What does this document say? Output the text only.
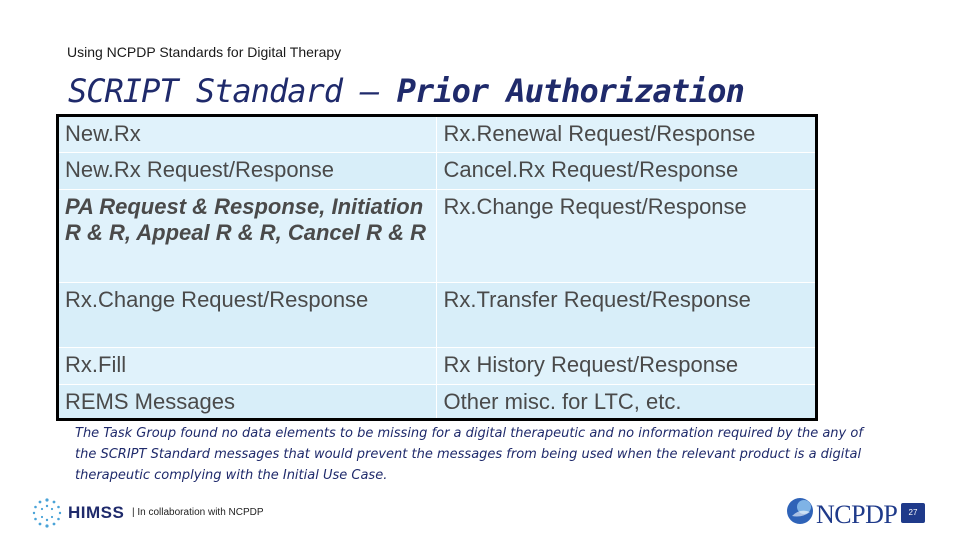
Using NCPDP Standards for Digital Therapy
SCRIPT Standard – Prior Authorization
New.Rx	Rx.Renewal Request/Response
New.Rx Request/Response	Cancel.Rx Request/Response
PA Request & Response, Initiation R & R, Appeal R & R, Cancel R & R	Rx.Change Request/Response
Rx.Change Request/Response	Rx.Transfer Request/Response
Rx.Fill	Rx History Request/Response
REMS Messages	Other misc. for LTC, etc.
The Task Group found no data elements to be missing for a digital therapeutic and no information required by the any of the SCRIPT Standard messages that would prevent the messages from being used when the relevant product is a digital therapeutic complying with the Initial Use Case.
HIMSS | In collaboration with NCPDP	NCPDP	27
